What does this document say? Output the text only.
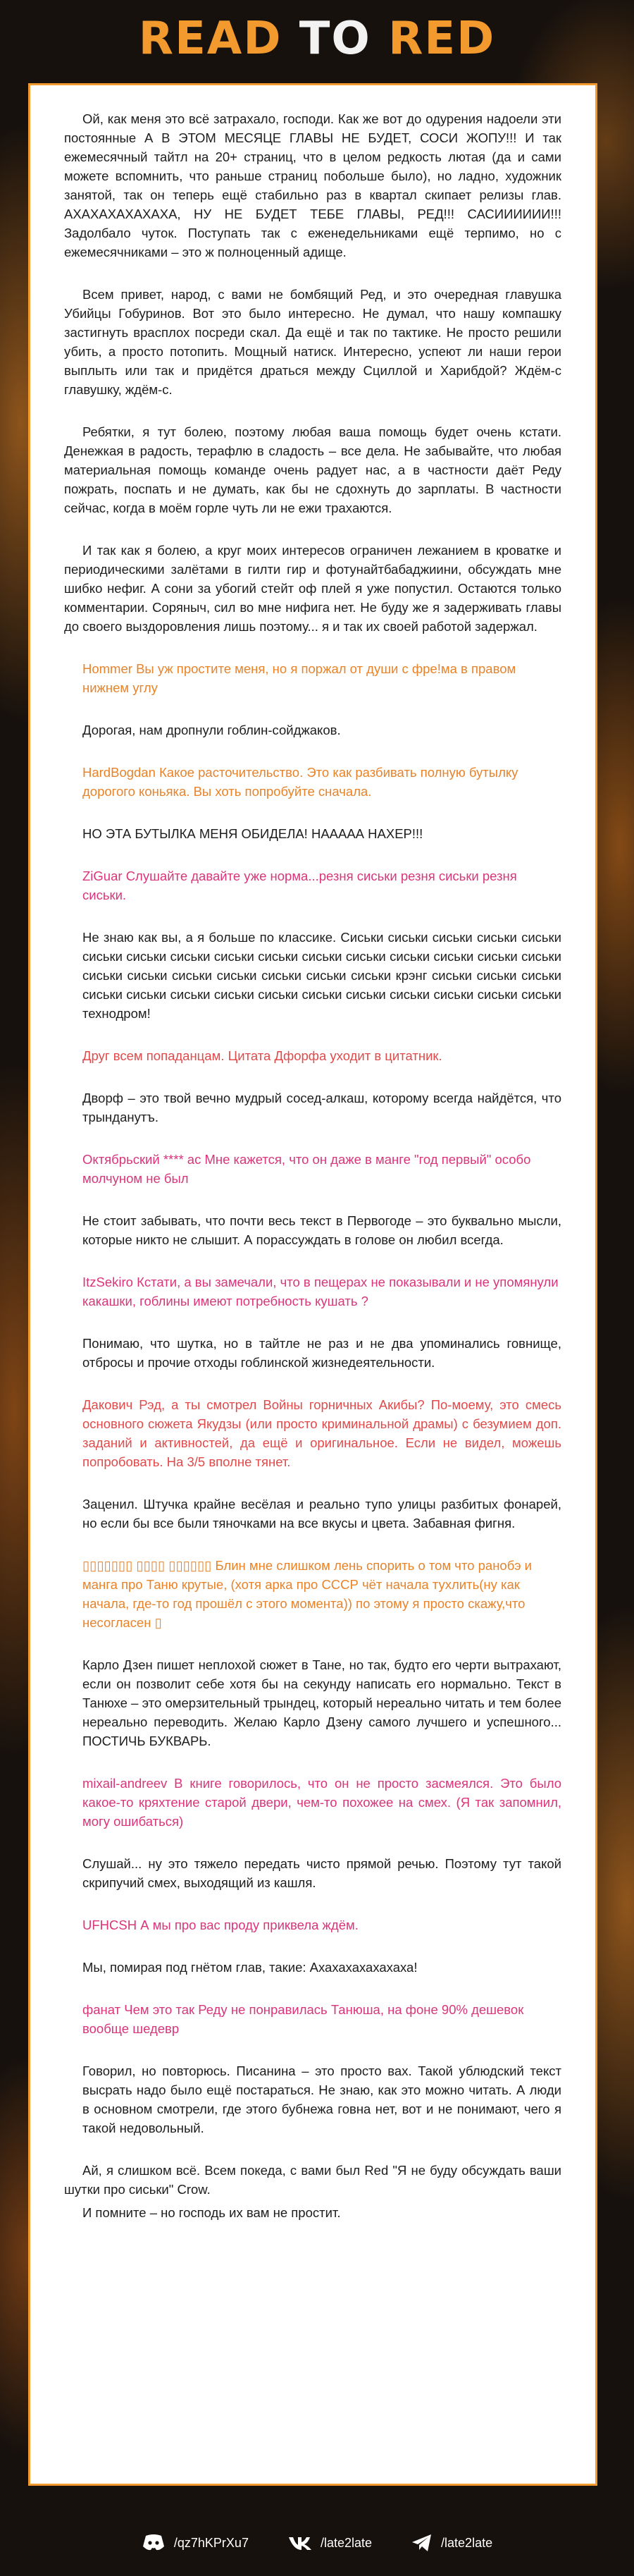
READ TO RED

Ой, как меня это всё затрахало, господи. Как же вот до одурения надоели эти постоянные А В ЭТОМ МЕСЯЦЕ ГЛАВЫ НЕ БУДЕТ, СОСИ ЖОПУ!!! И так ежемесячный тайтл на 20+ страниц, что в целом редкость лютая (да и сами можете вспомнить, что раньше страниц побольше было), но ладно, художник занятой, так он теперь ещё стабильно раз в квартал скипает релизы глав. АХАХАХАХАХАХА, НУ НЕ БУДЕТ ТЕБЕ ГЛАВЫ, РЕД!!! САСИИИИИИ!!! Задолбало чуток. Поступать так с еженедельниками ещё терпимо, но с ежемесячниками – это ж полноценный адище.

Всем привет, народ, с вами не бомбящий Ред, и это очередная главушка Убийцы Гобуринов. Вот это было интересно. Не думал, что нашу компашку застигнуть врасплох посреди скал. Да ещё и так по тактике. Не просто решили убить, а просто потопить. Мощный натиск. Интересно, успеют ли наши герои выплыть или так и придётся драться между Сциллой и Харибдой? Ждём-с главушку, ждём-с.

Ребятки, я тут болею, поэтому любая ваша помощь будет очень кстати. Денежкая в радость, терафлю в сладость – все дела. Не забывайте, что любая материальная помощь команде очень радует нас, а в частности даёт Реду пожрать, поспать и не думать, как бы не сдохнуть до зарплаты. В частности сейчас, когда в моём горле чуть ли не ежи траxаются.

И так как я болею, а круг моих интересов ограничен лежанием в кроватке и периодическими залётами в гилти гир и фотунайтбабаджиини, обсуждать мне шибко нефиг. А сони за убогий стейт оф плей я уже попустил. Остаются только комментарии. Соряныч, сил во мне нифига нет. Не буду же я задерживать главы до своего выздоровления лишь поэтому... я и так их своей работой задержал.

Hommer Вы уж простите меня, но я поржал от души с фре!ма в правом нижнем углу

Дорогая, нам дропнули гоблин-сойджаков.

HardBogdan Какое расточительство. Это как разбивать полную бутылку дорогого коньяка. Вы хоть попробуйте сначала.

НО ЭТА БУТЫЛКА МЕНЯ ОБИДЕЛА! НААААА НАХЕР!!!

ZiGuar Слушайте давайте уже норма...резня сиськи резня сиськи резня сиськи.

Не знаю как вы, а я больше по классике. Сиськи сиськи сиськи сиськи сиськи сиськи сиськи сиськи сиськи сиськи сиськи сиськи сиськи сиськи сиськи сиськи сиськи сиськи сиськи сиськи сиськи сиськи сиськи крэнг сиськи сиськи сиськи сиськи сиськи сиськи сиськи сиськи сиськи сиськи сиськи сиськи сиськи сиськи технодром!

Друг всем попаданцам. Цитата Дфорфа уходит в цитатник.

Дворф – это твой вечно мудрый сосед-алкаш, которому всегда найдётся, что трынданутъ.

Октябрьский **** ас Мне кажется, что он даже в манге "год первый" особо молчуном не был

Не стоит забывать, что почти весь текст в Первогоде – это буквально мысли, которые никто не слышит. А порассуждать в голове он любил всегда.

ItzSekiro Кстати, а вы замечали, что в пещерах не показывали и не упомянули какашки, гоблины имеют потребность кушать ?

Понимаю, что шутка, но в тайтле не раз и не два упоминались говнище, отбросы и прочие отходы гоблинской жизнедеятельности.

Дакович Рэд, а ты смотрел Войны горничных Акибы? По-моему, это смесь основного сюжета Якудзы (или просто криминальной драмы) с безумием доп. заданий и активностей, да ещё и оригинальное. Если не видел, можешь попробовать. На 3/5 вполне тянет.

Заценил. Штучка крайне весёлая и реально тупо улицы разбитых фонарей, но если бы все были тяночками на все вкусы и цвета. Забавная фигня.

▯▯▯▯▯▯▯ ▯▯▯▯ ▯▯▯▯▯▯ Блин мне слишком лень спорить о том что ранобэ и манга про Таню крутые, (хотя арка про СССР чёт начала тухлить(ну как начала, где-то год прошёл с этого момента)) по этому я просто скажу,что несогласен ▯

Карло Дзен пишет неплохой сюжет в Тане, но так, будто его черти вытрахают, если он позволит себе хотя бы на секунду написать его нормально. Текст в Танюхе – это омерзительный трындец, который нереально читать и тем более нереально переводить. Желаю Карло Дзену самого лучшего и успешного... ПОСТИЧЬ БУКВАРЬ.

mixail-andreev В книге говорилось, что он не просто засмеялся. Это было какое-то кряхтение старой двери, чем-то похожее на смех. (Я так запомнил, могу ошибаться)

Слушай... ну это тяжело передать чисто прямой речью. Поэтому тут такой скрипучий смех, выходящий из кашля.

UFHCSH А мы про вас проду приквела ждём.

Мы, помирая под гнётом глав, такие: Ахахахахахахаха!

фанат Чем это так Реду не понравилась Танюша, на фоне 90% дешевок вообще шедевр

Говорил, но повторюсь. Писанина – это просто вах. Такой ублюдский текст высрать надо было ещё постараться. Не знаю, как это можно читать. А люди в основном смотрели, где этого бубнежа говна нет, вот и не понимают, чего я такой недовольный.

Ай, я слишком всё. Всем покеда, с вами был Red "Я не буду обсуждать ваши шутки про сиськи" Crow.

И помните – но господь их вам не простит.

/qz7hKPrXu7	/late2late	/late2late
